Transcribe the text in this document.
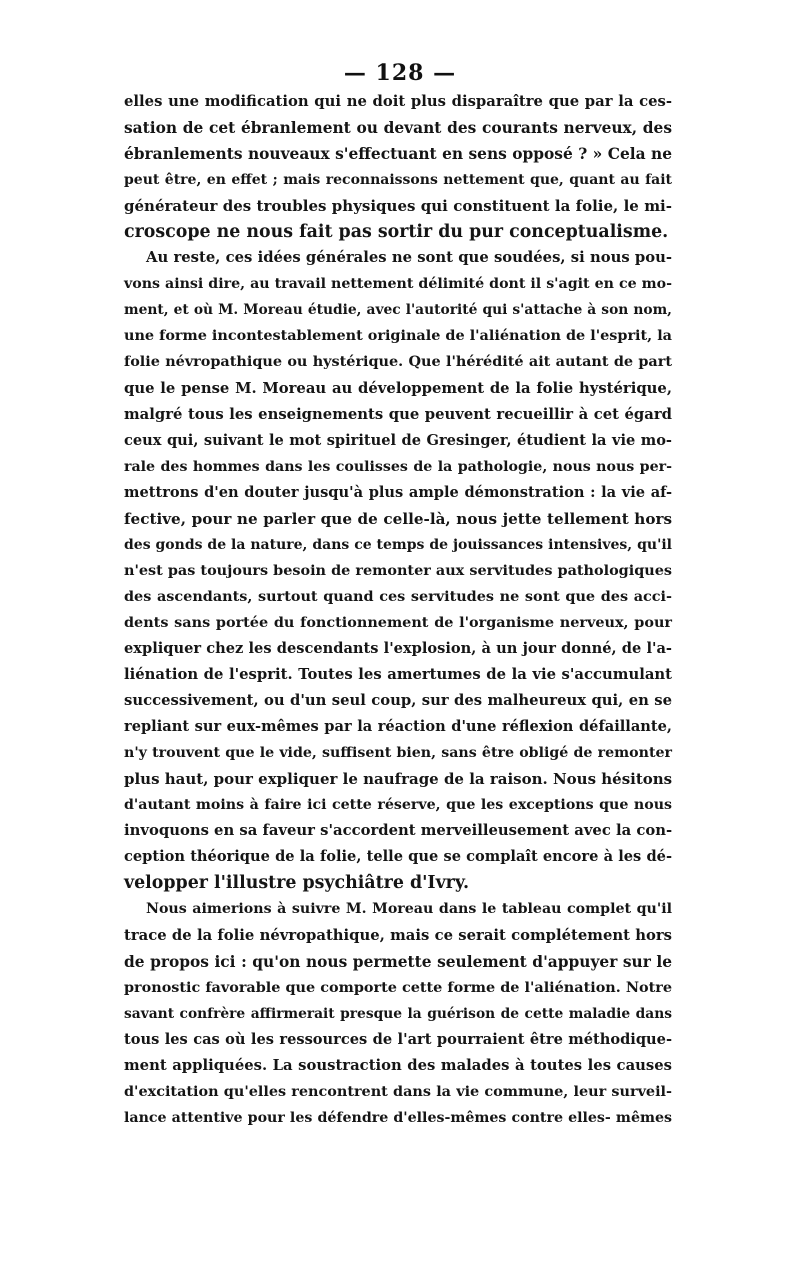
— 128 —
elles une modification qui ne doit plus disparaître que par la ces-
sation de cet ébranlement ou devant des courants nerveux, des
ébranlements nouveaux s'effectuant en sens opposé ? » Cela ne
peut être, en effet ; mais reconnaissons nettement que, quant au fait
générateur des troubles physiques qui constituent la folie, le mi-
croscope ne nous fait pas sortir du pur conceptualisme.
Au reste, ces idées générales ne sont que soudées, si nous pou-
vons ainsi dire, au travail nettement délimité dont il s'agit en ce mo-
ment, et où M. Moreau étudie, avec l'autorité qui s'attache à son nom,
une forme incontestablement originale de l'aliénation de l'esprit, la
folie névropathique ou hystérique. Que l'hérédité ait autant de part
que le pense M. Moreau au développement de la folie hystérique,
malgré tous les enseignements que peuvent recueillir à cet égard
ceux qui, suivant le mot spirituel de Gresinger, étudient la vie mo-
rale des hommes dans les coulisses de la pathologie, nous nous per-
mettrons d'en douter jusqu'à plus ample démonstration : la vie af-
fective, pour ne parler que de celle-là, nous jette tellement hors
des gonds de la nature, dans ce temps de jouissances intensives, qu'il
n'est pas toujours besoin de remonter aux servitudes pathologiques
des ascendants, surtout quand ces servitudes ne sont que des acci-
dents sans portée du fonctionnement de l'organisme nerveux, pour
expliquer chez les descendants l'explosion, à un jour donné, de l'a-
liénation de l'esprit. Toutes les amertumes de la vie s'accumulant
successivement, ou d'un seul coup, sur des malheureux qui, en se
repliant sur eux-mêmes par la réaction d'une réflexion défaillante,
n'y trouvent que le vide, suffisent bien, sans être obligé de remonter
plus haut, pour expliquer le naufrage de la raison. Nous hésitons
d'autant moins à faire ici cette réserve, que les exceptions que nous
invoquons en sa faveur s'accordent merveilleusement avec la con-
ception théorique de la folie, telle que se complaît encore à les dé-
velopper l'illustre psychiâtre d'Ivry.
Nous aimerions à suivre M. Moreau dans le tableau complet qu'il
trace de la folie névropathique, mais ce serait complétement hors
de propos ici : qu'on nous permette seulement d'appuyer sur le
pronostic favorable que comporte cette forme de l'aliénation. Notre
savant confrère affirmerait presque la guérison de cette maladie dans
tous les cas où les ressources de l'art pourraient être méthodique-
ment appliquées. La soustraction des malades à toutes les causes
d'excitation qu'elles rencontrent dans la vie commune, leur surveil-
lance attentive pour les défendre d'elles-mêmes contre elles- mêmes
